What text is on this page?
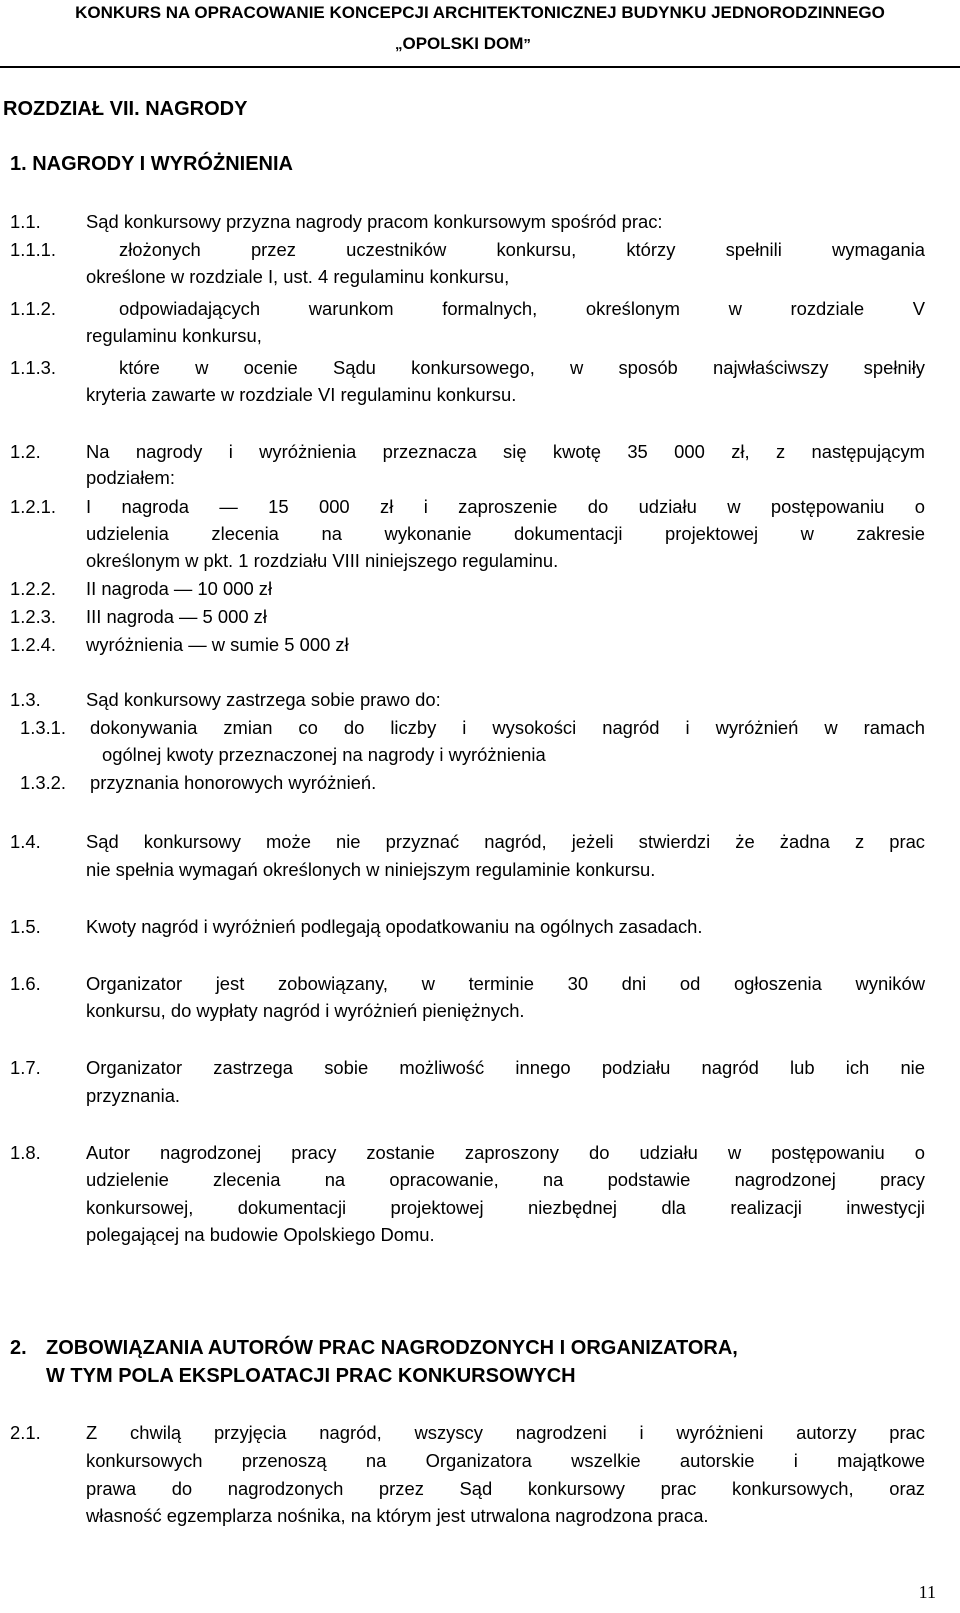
KONKURS NA OPRACOWANIE KONCEPCJI ARCHITEKTONICZNEJ BUDYNKU JEDNORODZINNEGO
„OPOLSKI DOM”
ROZDZIAŁ VII. NAGRODY
1. NAGRODY I WYRÓŻNIENIA
1.1. Sąd konkursowy przyzna nagrody pracom konkursowym spośród prac:
1.1.1.	złożonych przez uczestników konkursu, którzy spełnili wymagania
określone w rozdziale I, ust. 4 regulaminu konkursu,
1.1.2.	odpowiadających warunkom formalnych, określonym w rozdziale V
regulaminu konkursu,
1.1.3.	które w ocenie Sądu konkursowego, w sposób najwłaściwszy spełniły
kryteria zawarte w rozdziale VI regulaminu konkursu.
1.2. Na nagrody i wyróżnienia przeznacza się kwotę 35 000 zł, z następującym
podziałem:
1.2.1. I nagroda — 15 000 zł i zaproszenie do udziału w postępowaniu o
udzielenia zlecenia na wykonanie dokumentacji projektowej w zakresie
określonym w pkt. 1 rozdziału VIII niniejszego regulaminu.
1.2.2. II nagroda — 10 000 zł
1.2.3. III nagroda — 5 000 zł
1.2.4. wyróżnienia — w sumie 5 000 zł
1.3. Sąd konkursowy zastrzega sobie prawo do:
1.3.1. dokonywania zmian co do liczby i wysokości nagród i wyróżnień w ramach
ogólnej kwoty przeznaczonej na nagrody i wyróżnienia
1.3.2. przyznania honorowych wyróżnień.
1.4. Sąd konkursowy może nie przyznać nagród, jeżeli stwierdzi że żadna z prac
nie spełnia wymagań określonych w niniejszym regulaminie konkursu.
1.5. Kwoty nagród i wyróżnień podlegają opodatkowaniu na ogólnych zasadach.
1.6. Organizator jest zobowiązany, w terminie 30 dni od ogłoszenia wyników
konkursu, do wypłaty nagród i wyróżnień pieniężnych.
1.7. Organizator zastrzega sobie możliwość innego podziału nagród lub ich nie
przyznania.
1.8. Autor nagrodzonej pracy zostanie zaproszony do udziału w postępowaniu o
udzielenie zlecenia na opracowanie, na podstawie nagrodzonej pracy
konkursowej, dokumentacji projektowej niezbędnej dla realizacji inwestycji
polegającej na budowie Opolskiego Domu.
2. ZOBOWIĄZANIA AUTORÓW PRAC NAGRODZONYCH I ORGANIZATORA,
W TYM POLA EKSPLOATACJI PRAC KONKURSOWYCH
2.1. Z chwilą przyjęcia nagród, wszyscy nagrodzeni i wyróżnieni autorzy prac
konkursowych przenoszą na Organizatora wszelkie autorskie i majątkowe
prawa do nagrodzonych przez Sąd konkursowy prac konkursowych, oraz
własność egzemplarza nośnika, na którym jest utrwalona nagrodzona praca.
11
